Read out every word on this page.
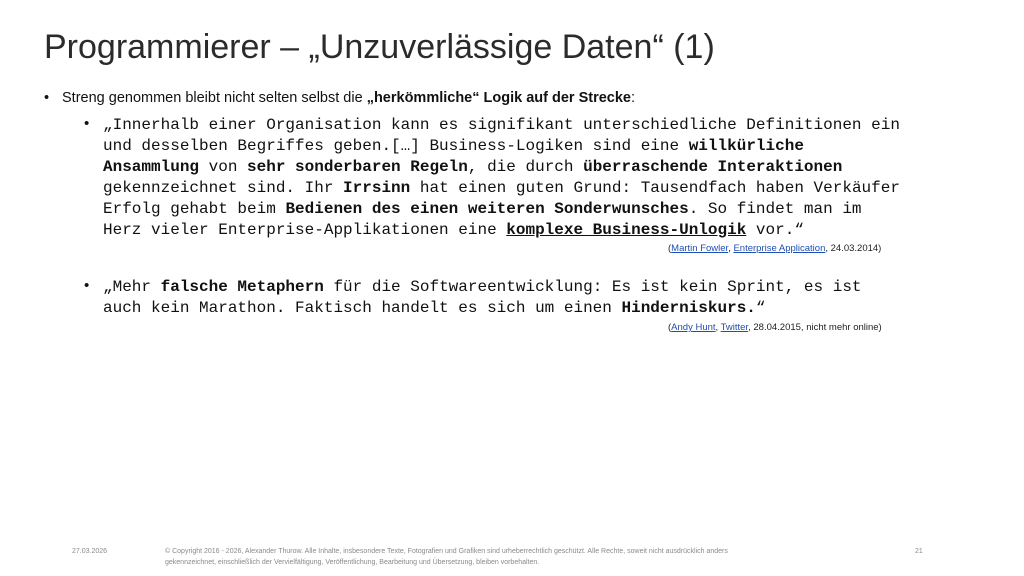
Programmierer – „Unzuverlässige Daten“ (1)
• Streng genommen bleibt nicht selten selbst die „herkömmliche“ Logik auf der Strecke:
• „Innerhalb einer Organisation kann es signifikant unterschiedliche Definitionen ein
und desselben Begriffes geben.[…] Business-Logiken sind eine willkürliche
Ansammlung von sehr sonderbaren Regeln, die durch überraschende Interaktionen
gekennzeichnet sind. Ihr Irrsinn hat einen guten Grund: Tausendfach haben Verkäufer
Erfolg gehabt beim Bedienen des einen weiteren Sonderwunsches. So findet man im
Herz vieler Enterprise-Applikationen eine komplexe Business-Unlogik vor.“
(Martin Fowler, Enterprise Application, 24.03.2014)
• „Mehr falsche Metaphern für die Softwareentwicklung: Es ist kein Sprint, es ist
auch kein Marathon. Faktisch handelt es sich um einen Hinderniskurs.“
(Andy Hunt, Twitter, 28.04.2015, nicht mehr online)
27.03.2026	© Copyright 2016 - 2026, Alexander Thurow. Alle Inhalte, insbesondere Texte, Fotografien und Grafiken sind urheberrechtlich geschützt. Alle Rechte, soweit nicht ausdrücklich anders
gekennzeichnet, einschließlich der Vervielfältigung, Veröffentlichung, Bearbeitung und Übersetzung, bleiben vorbehalten.
21
